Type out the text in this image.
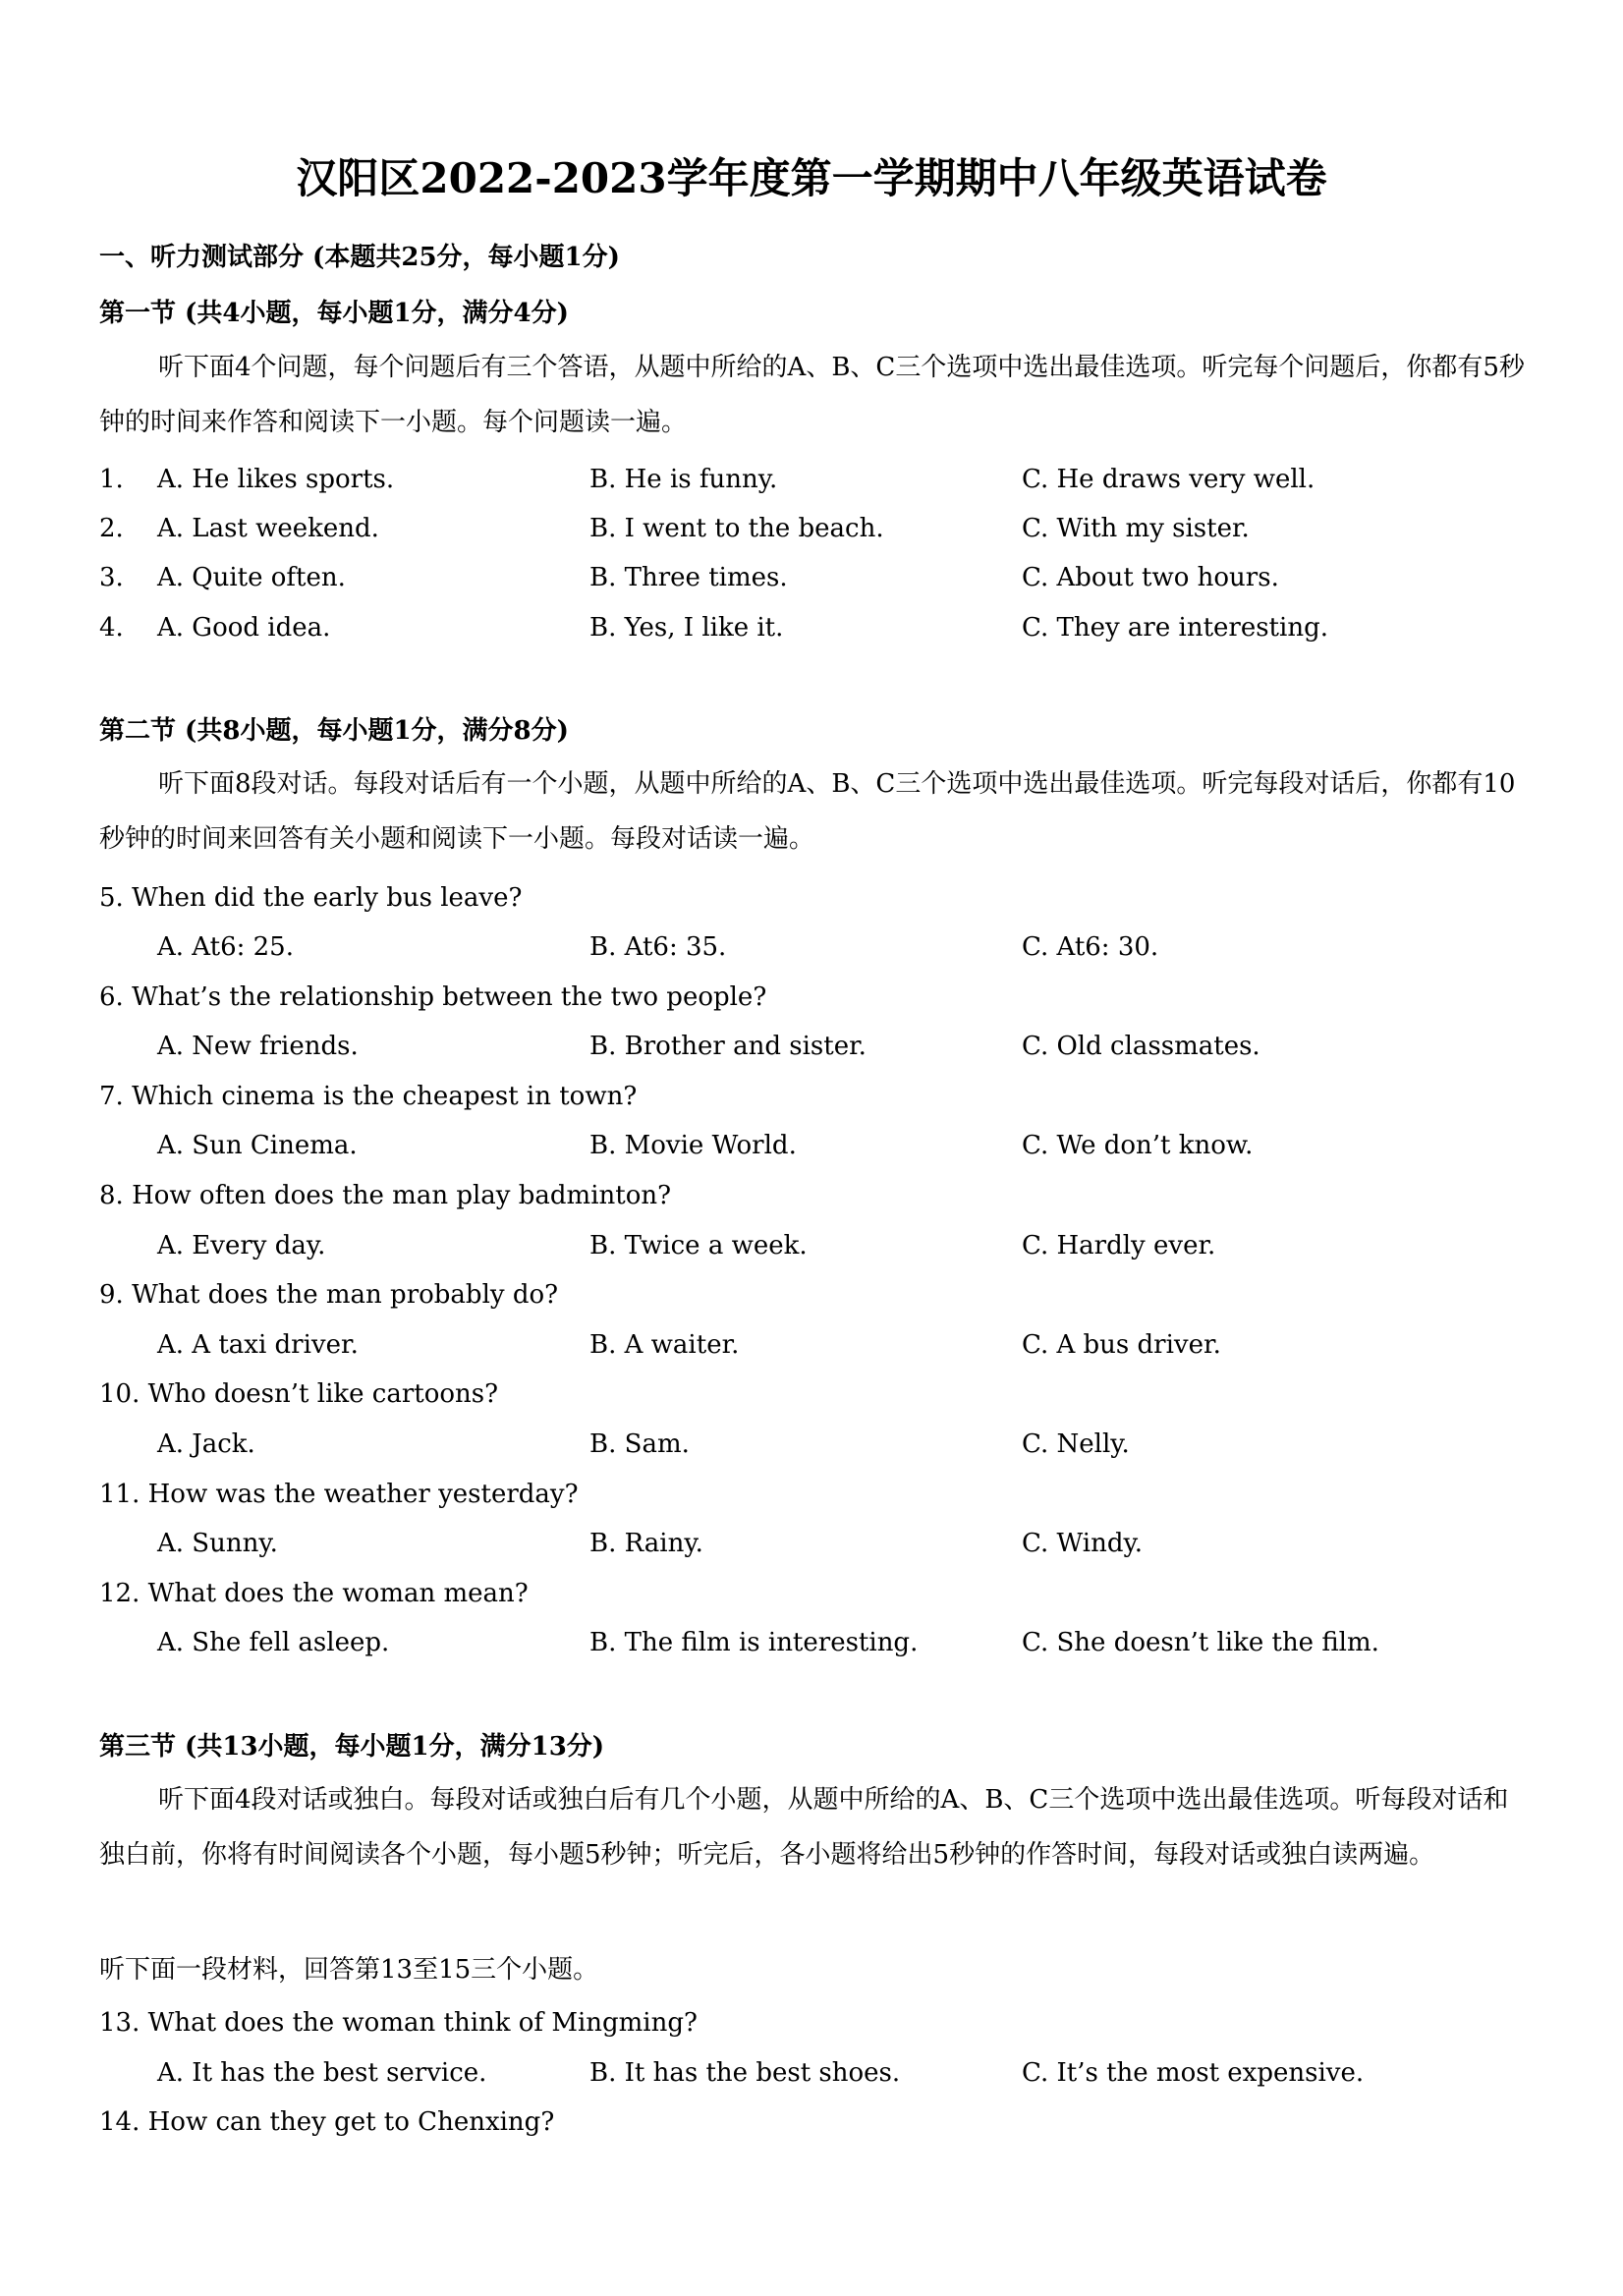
汉阳区2022-2023学年度第一学期期中八年级英语试卷
一、听力测试部分 (本题共25分，每小题1分)
第一节 (共4小题，每小题1分，满分4分)
听下面4个问题，每个问题后有三个答语，从题中所给的A、B、C三个选项中选出最佳选项。听完每个问题后，你都有5秒钟的时间来作答和阅读下一小题。每个问题读一遍。
1. A. He likes sports.	B. He is funny.	C. He draws very well.
2. A. Last weekend.	B. I went to the beach.	C. With my sister.
3. A. Quite often.	B. Three times.	C. About two hours.
4. A. Good idea.	B. Yes, I like it.	C. They are interesting.
第二节 (共8小题，每小题1分，满分8分)
听下面8段对话。每段对话后有一个小题，从题中所给的A、B、C三个选项中选出最佳选项。听完每段对话后，你都有10秒钟的时间来回答有关小题和阅读下一小题。每段对话读一遍。
5. When did the early bus leave?
A. At6: 25.	B. At6: 35.	C. At6: 30.
6. What’s the relationship between the two people?
A. New friends.	B. Brother and sister.	C. Old classmates.
7. Which cinema is the cheapest in town?
A. Sun Cinema.	B. Movie World.	C. We don’t know.
8. How often does the man play badminton?
A. Every day.	B. Twice a week.	C. Hardly ever.
9. What does the man probably do?
A. A taxi driver.	B. A waiter.	C. A bus driver.
10. Who doesn’t like cartoons?
A. Jack.	B. Sam.	C. Nelly.
11. How was the weather yesterday?
A. Sunny.	B. Rainy.	C. Windy.
12. What does the woman mean?
A. She fell asleep.	B. The film is interesting.	C. She doesn’t like the film.
第三节 (共13小题，每小题1分，满分13分)
听下面4段对话或独白。每段对话或独白后有几个小题，从题中所给的A、B、C三个选项中选出最佳选项。听每段对话和独白前，你将有时间阅读各个小题，每小题5秒钟；听完后，各小题将给出5秒钟的作答时间，每段对话或独白读两遍。
听下面一段材料，回答第13至15三个小题。
13. What does the woman think of Mingming?
A. It has the best service.	B. It has the best shoes.	C. It’s the most expensive.
14. How can they get to Chenxing?
